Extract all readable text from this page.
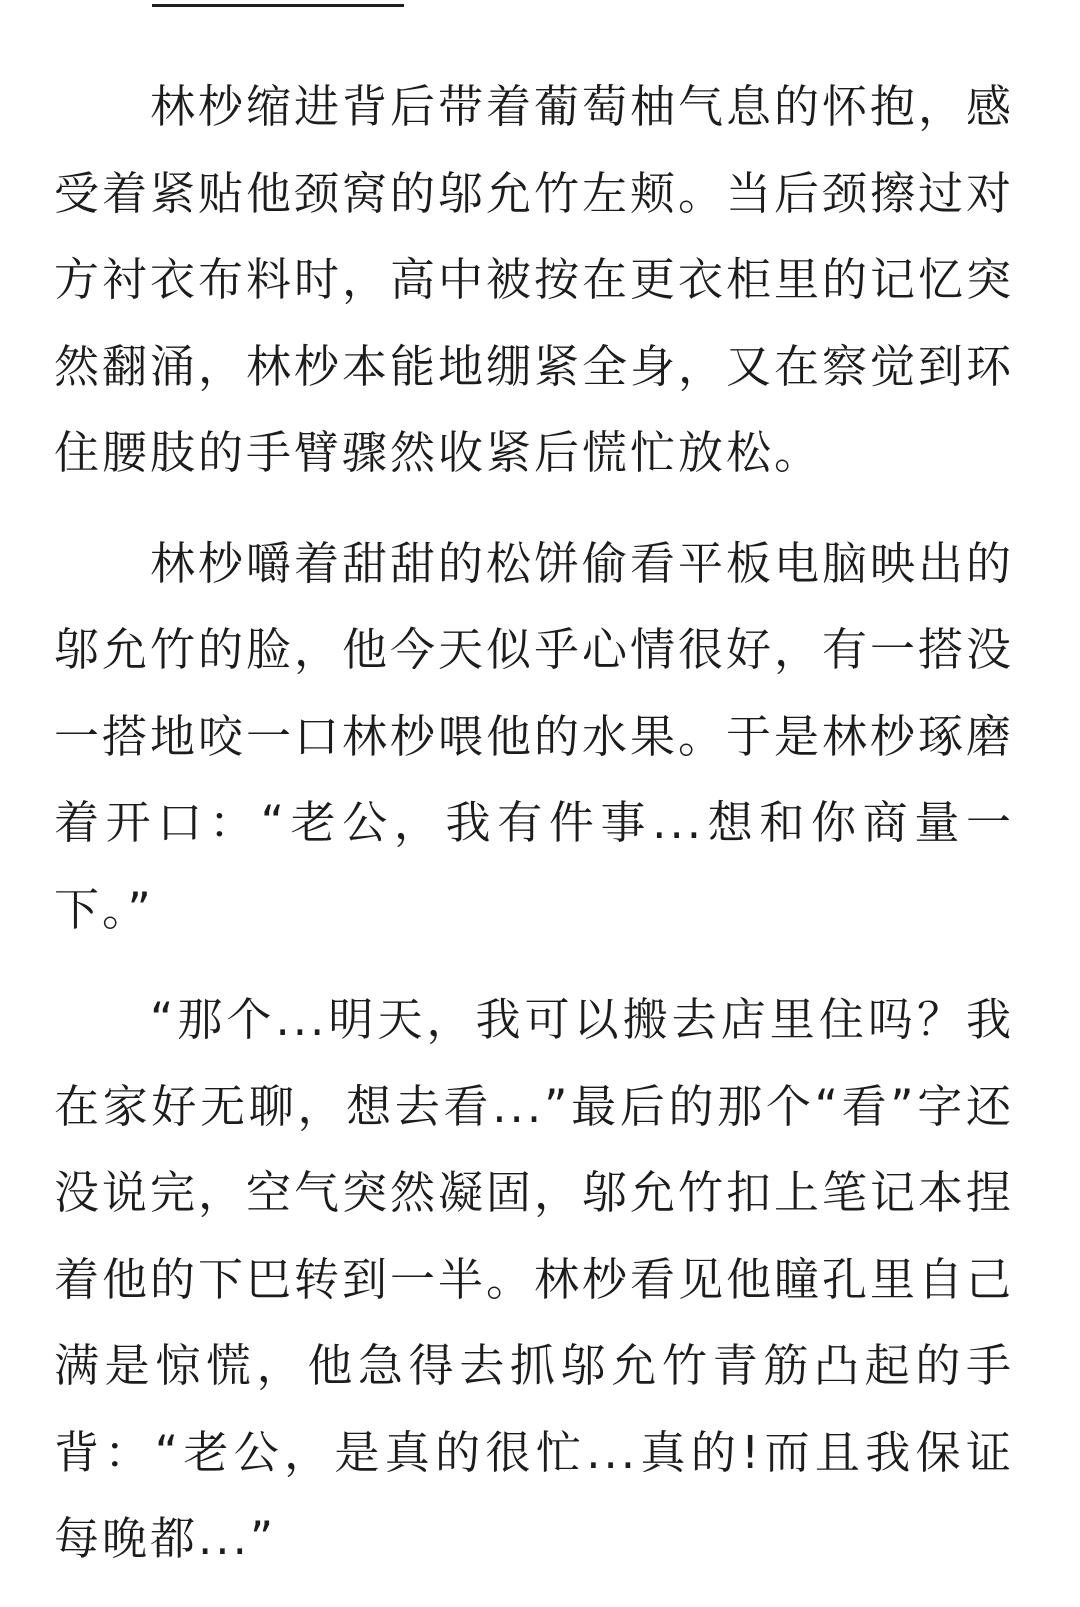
林杪缩进背后带着葡萄柚气息的怀抱，感受着紧贴他颈窝的邬允竹左颊。当后颈擦过对方衬衣布料时，高中被按在更衣柜里的记忆突然翻涌，林杪本能地绷紧全身，又在察觉到环住腰肢的手臂骤然收紧后慌忙放松。

林杪嚼着甜甜的松饼偷看平板电脑映出的邬允竹的脸，他今天似乎心情很好，有一搭没一搭地咬一口林杪喂他的水果。于是林杪琢磨着开口：“老公，我有件事...想和你商量一下。”

“那个...明天，我可以搬去店里住吗？我在家好无聊，想去看...”最后的那个“看”字还没说完，空气突然凝固，邬允竹扣上笔记本捏着他的下巴转到一半。林杪看见他瞳孔里自己满是惊慌，他急得去抓邬允竹青筋凸起的手背：“老公，是真的很忙...真的!而且我保证每晚都...”
